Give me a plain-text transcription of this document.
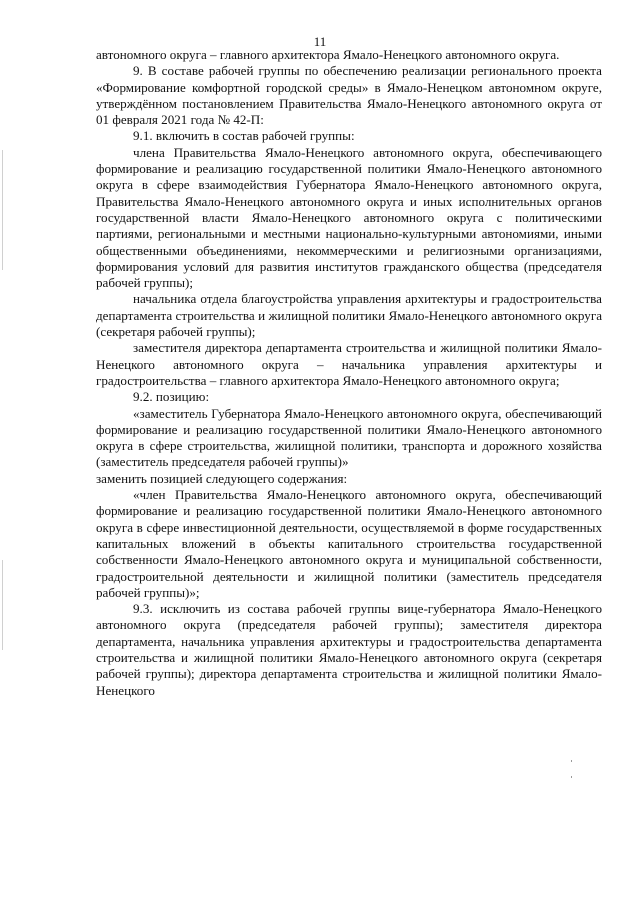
11

автономного округа – главного архитектора Ямало-Ненецкого автономного округа.

9. В составе рабочей группы по обеспечению реализации регионального проекта «Формирование комфортной городской среды» в Ямало-Ненецком автономном округе, утверждённом постановлением Правительства Ямало-Ненецкого автономного округа от 01 февраля 2021 года № 42-П:

9.1. включить в состав рабочей группы:

члена Правительства Ямало-Ненецкого автономного округа, обеспечивающего формирование и реализацию государственной политики Ямало-Ненецкого автономного округа в сфере взаимодействия Губернатора Ямало-Ненецкого автономного округа, Правительства Ямало-Ненецкого автономного округа и иных исполнительных органов государственной власти Ямало-Ненецкого автономного округа с политическими партиями, региональными и местными национально-культурными автономиями, иными общественными объединениями, некоммерческими и религиозными организациями, формирования условий для развития институтов гражданского общества (председателя рабочей группы);

начальника отдела благоустройства управления архитектуры и градостроительства департамента строительства и жилищной политики Ямало-Ненецкого автономного округа (секретаря рабочей группы);

заместителя директора департамента строительства и жилищной политики Ямало-Ненецкого автономного округа – начальника управления архитектуры и градостроительства – главного архитектора Ямало-Ненецкого автономного округа;

9.2. позицию:

«заместитель Губернатора Ямало-Ненецкого автономного округа, обеспечивающий формирование и реализацию государственной политики Ямало-Ненецкого автономного округа в сфере строительства, жилищной политики, транспорта и дорожного хозяйства (заместитель председателя рабочей группы)»

заменить позицией следующего содержания:

«член Правительства Ямало-Ненецкого автономного округа, обеспечивающий формирование и реализацию государственной политики Ямало-Ненецкого автономного округа в сфере инвестиционной деятельности, осуществляемой в форме государственных капитальных вложений в объекты капитального строительства государственной собственности Ямало-Ненецкого автономного округа и муниципальной собственности, градостроительной деятельности и жилищной политики (заместитель председателя рабочей группы)»;

9.3. исключить из состава рабочей группы вице-губернатора Ямало-Ненецкого автономного округа (председателя рабочей группы); заместителя директора департамента, начальника управления архитектуры и градостроительства департамента строительства и жилищной политики Ямало-Ненецкого автономного округа (секретаря рабочей группы); директора департамента строительства и жилищной политики Ямало-Ненецкого
